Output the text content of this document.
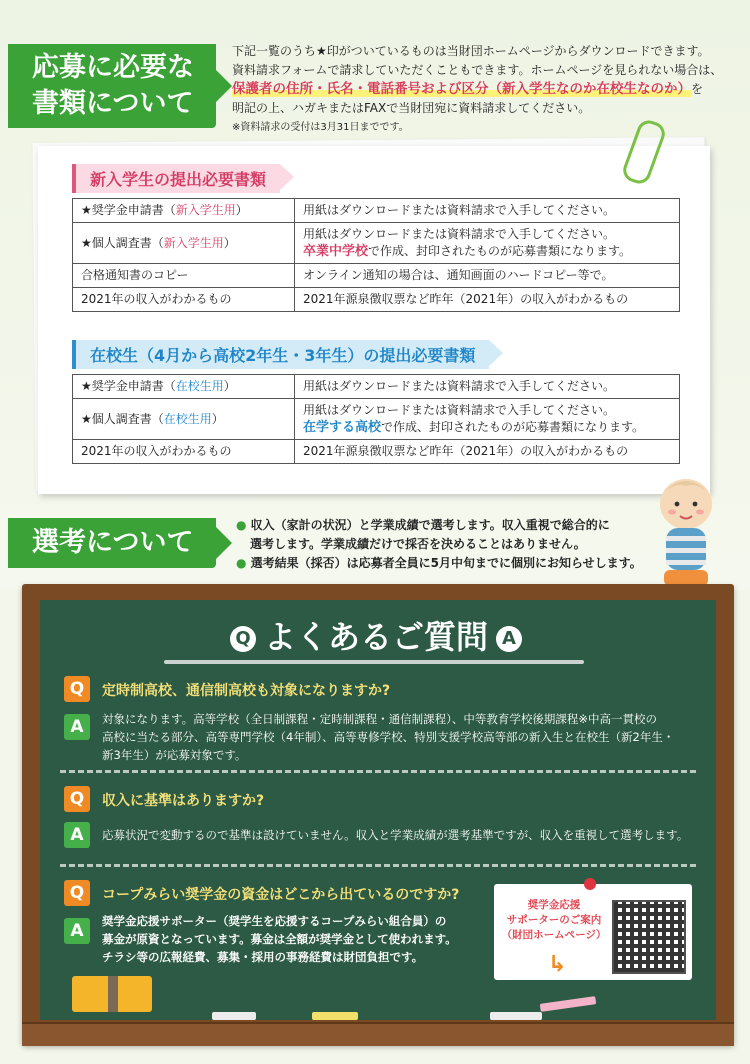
応募に必要な
書類について
下記一覧のうち★印がついているものは当財団ホームページからダウンロードできます。
資料請求フォームで請求していただくこともできます。ホームページを見られない場合は、
保護者の住所・氏名・電話番号および区分（新入学生なのか在校生なのか）を
明記の上、ハガキまたはFAXで当財団宛に資料請求してください。
※資料請求の受付は3月31日までです。
新入学生の提出必要書類
★奨学金申請書（新入学生用）	用紙はダウンロードまたは資料請求で入手してください。
★個人調査書（新入学生用）	用紙はダウンロードまたは資料請求で入手してください。
卒業中学校で作成、封印されたものが応募書類になります。

合格通知書のコピー	オンライン通知の場合は、通知画面のハードコピー等で。
2021年の収入がわかるもの	2021年源泉徴収票など昨年（2021年）の収入がわかるもの
在校生（4月から高校2年生・3年生）の提出必要書類
★奨学金申請書（在校生用）	用紙はダウンロードまたは資料請求で入手してください。
★個人調査書（在校生用）	用紙はダウンロードまたは資料請求で入手してください。
在学する高校で作成、封印されたものが応募書類になります。

2021年の収入がわかるもの	2021年源泉徴収票など昨年（2021年）の収入がわかるもの
選考について
● 収入（家計の状況）と学業成績で選考します。収入重視で総合的に
選考します。学業成績だけで採否を決めることはありません。
● 選考結果（採否）は応募者全員に5月中旬までに個別にお知らせします。
Q よくあるご質問 A
Q	定時制高校、通信制高校も対象になりますか?
A	対象になります。高等学校（全日制課程・定時制課程・通信制課程）、中等教育学校後期課程※中高一貫校の
高校に当たる部分、高等専門学校（4年制）、高等専修学校、特別支援学校高等部の新入生と在校生（新2年生・
新3年生）が応募対象です。
Q	収入に基準はありますか?
A	応募状況で変動するので基準は設けていません。収入と学業成績が選考基準ですが、収入を重視して選考します。
Q	コープみらい奨学金の資金はどこから出ているのですか?
A	奨学金応援サポーター（奨学生を応援するコープみらい組合員）の
募金が原資となっています。募金は全額が奨学金として使われます。
チラシ等の広報経費、募集・採用の事務経費は財団負担です。
奨学金応援
サポーターのご案内
（財団ホームページ）
↳
